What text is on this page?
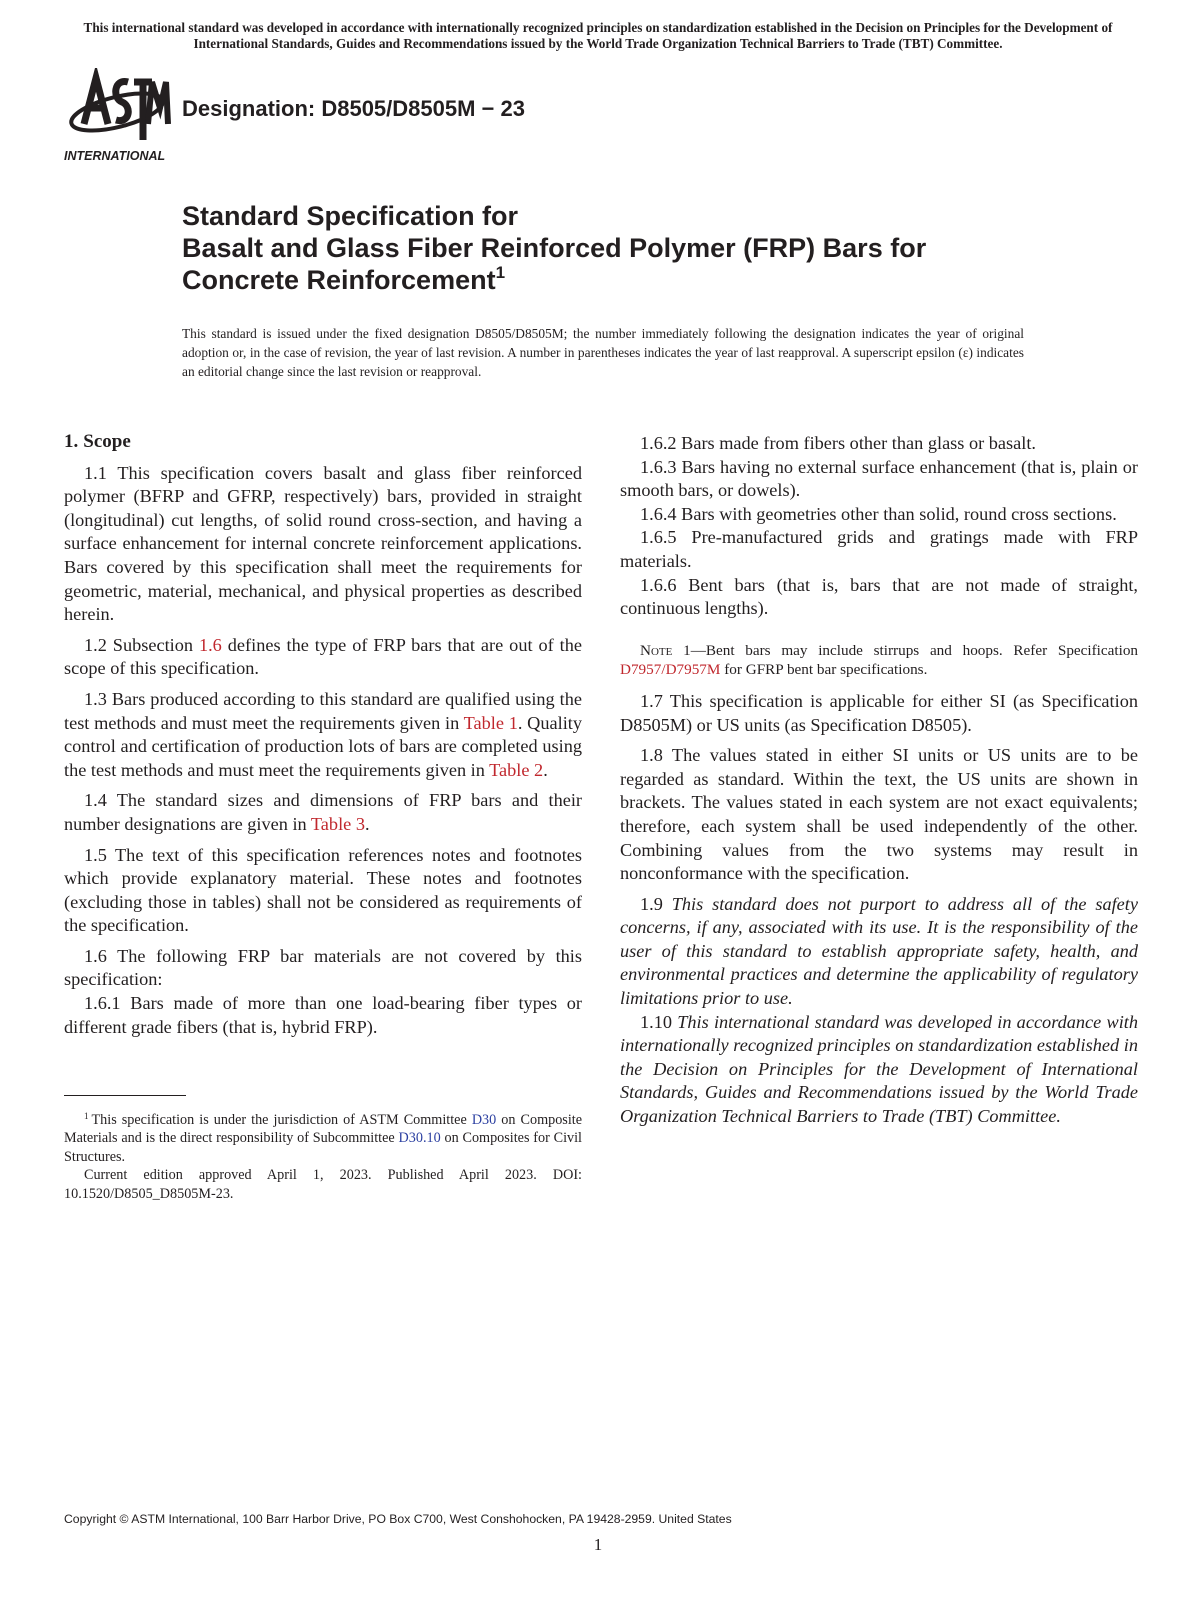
This international standard was developed in accordance with internationally recognized principles on standardization established in the Decision on Principles for the Development of International Standards, Guides and Recommendations issued by the World Trade Organization Technical Barriers to Trade (TBT) Committee.
INTERNATIONAL
Designation: D8505/D8505M − 23
Standard Specification for
Basalt and Glass Fiber Reinforced Polymer (FRP) Bars for
Concrete Reinforcement$^1$
This standard is issued under the fixed designation D8505/D8505M; the number immediately following the designation indicates the year of original adoption or, in the case of revision, the year of last revision. A number in parentheses indicates the year of last reapproval. A superscript epsilon (ε) indicates an editorial change since the last revision or reapproval.
1. Scope

1.1 This specification covers basalt and glass fiber reinforced polymer (BFRP and GFRP, respectively) bars, provided in straight (longitudinal) cut lengths, of solid round cross-section, and having a surface enhancement for internal concrete reinforcement applications. Bars covered by this specification shall meet the requirements for geometric, material, mechanical, and physical properties as described herein.

1.2 Subsection 1.6 defines the type of FRP bars that are out of the scope of this specification.

1.3 Bars produced according to this standard are qualified using the test methods and must meet the requirements given in Table 1. Quality control and certification of production lots of bars are completed using the test methods and must meet the requirements given in Table 2.

1.4 The standard sizes and dimensions of FRP bars and their number designations are given in Table 3.

1.5 The text of this specification references notes and footnotes which provide explanatory material. These notes and footnotes (excluding those in tables) shall not be considered as requirements of the specification.

1.6 The following FRP bar materials are not covered by this specification:

1.6.1 Bars made of more than one load-bearing fiber types or different grade fibers (that is, hybrid FRP).

$^1$ This specification is under the jurisdiction of ASTM Committee D30 on Composite Materials and is the direct responsibility of Subcommittee D30.10 on Composites for Civil Structures.

Current edition approved April 1, 2023. Published April 2023. DOI: 10.1520/D8505_D8505M-23.

1.6.2 Bars made from fibers other than glass or basalt.

1.6.3 Bars having no external surface enhancement (that is, plain or smooth bars, or dowels).

1.6.4 Bars with geometries other than solid, round cross sections.

1.6.5 Pre-manufactured grids and gratings made with FRP materials.

1.6.6 Bent bars (that is, bars that are not made of straight, continuous lengths).

Note 1—Bent bars may include stirrups and hoops. Refer Specification D7957/D7957M for GFRP bent bar specifications.

1.7 This specification is applicable for either SI (as Specification D8505M) or US units (as Specification D8505).

1.8 The values stated in either SI units or US units are to be regarded as standard. Within the text, the US units are shown in brackets. The values stated in each system are not exact equivalents; therefore, each system shall be used independently of the other. Combining values from the two systems may result in nonconformance with the specification.

1.9 This standard does not purport to address all of the safety concerns, if any, associated with its use. It is the responsibility of the user of this standard to establish appropriate safety, health, and environmental practices and determine the applicability of regulatory limitations prior to use.

1.10 This international standard was developed in accordance with internationally recognized principles on standardization established in the Decision on Principles for the Development of International Standards, Guides and Recommendations issued by the World Trade Organization Technical Barriers to Trade (TBT) Committee.

Copyright © ASTM International, 100 Barr Harbor Drive, PO Box C700, West Conshohocken, PA 19428-2959. United States
1
